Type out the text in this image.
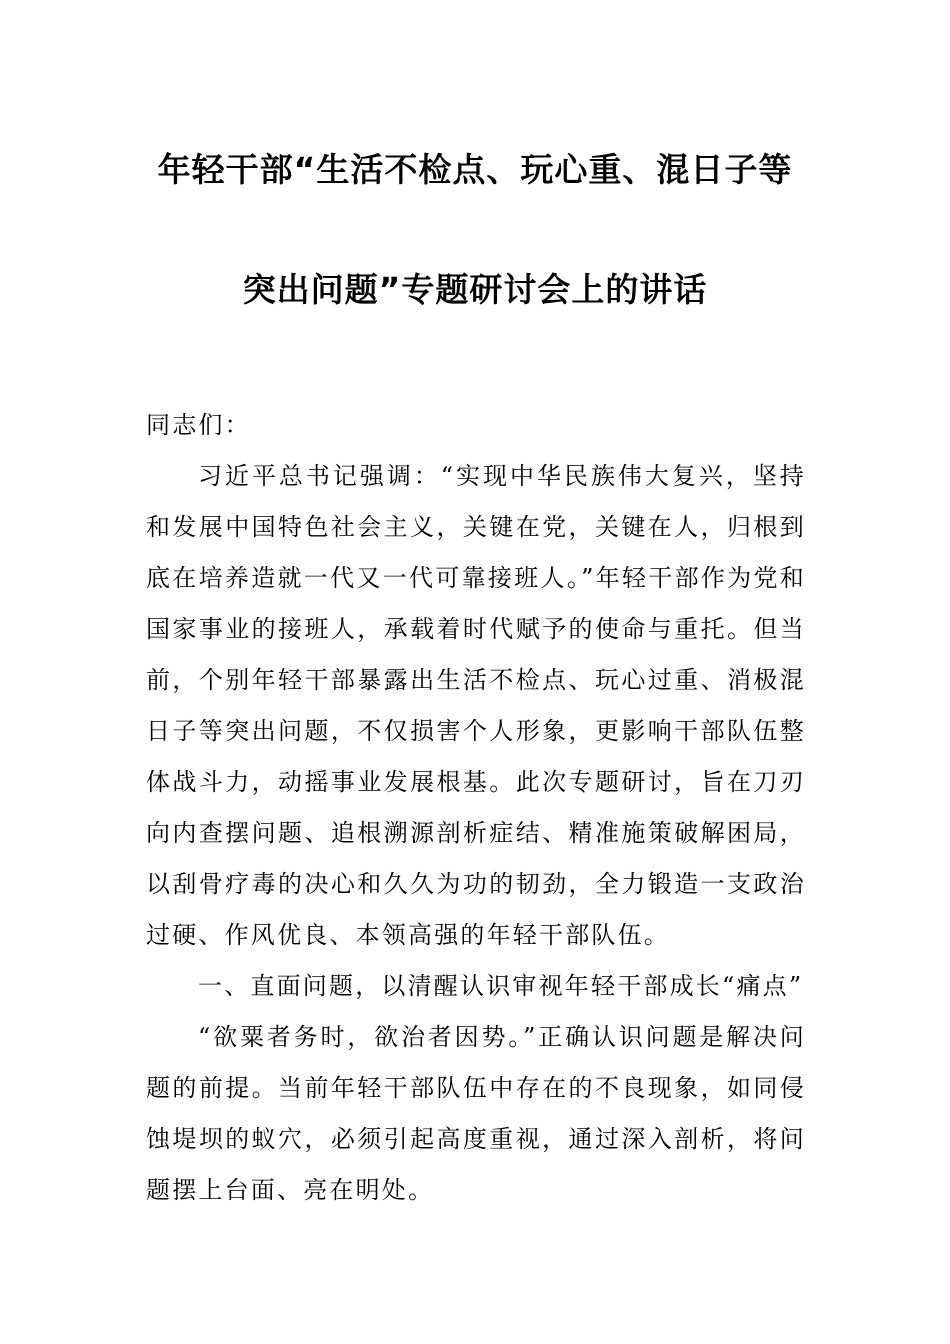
年轻干部“生活不检点、玩心重、混日子等
突出问题”专题研讨会上的讲话

同志们：

习近平总书记强调：“实现中华民族伟大复兴，坚持和发展中国特色社会主义，关键在党，关键在人，归根到底在培养造就一代又一代可靠接班人。”年轻干部作为党和国家事业的接班人，承载着时代赋予的使命与重托。但当前，个别年轻干部暴露出生活不检点、玩心过重、消极混日子等突出问题，不仅损害个人形象，更影响干部队伍整体战斗力，动摇事业发展根基。此次专题研讨，旨在刀刃向内查摆问题、追根溯源剖析症结、精准施策破解困局，以刮骨疗毒的决心和久久为功的韧劲，全力锻造一支政治过硬、作风优良、本领高强的年轻干部队伍。

一、直面问题，以清醒认识审视年轻干部成长“痛点”

“欲粟者务时，欲治者因势。”正确认识问题是解决问题的前提。当前年轻干部队伍中存在的不良现象，如同侵蚀堤坝的蚁穴，必须引起高度重视，通过深入剖析，将问题摆上台面、亮在明处。
